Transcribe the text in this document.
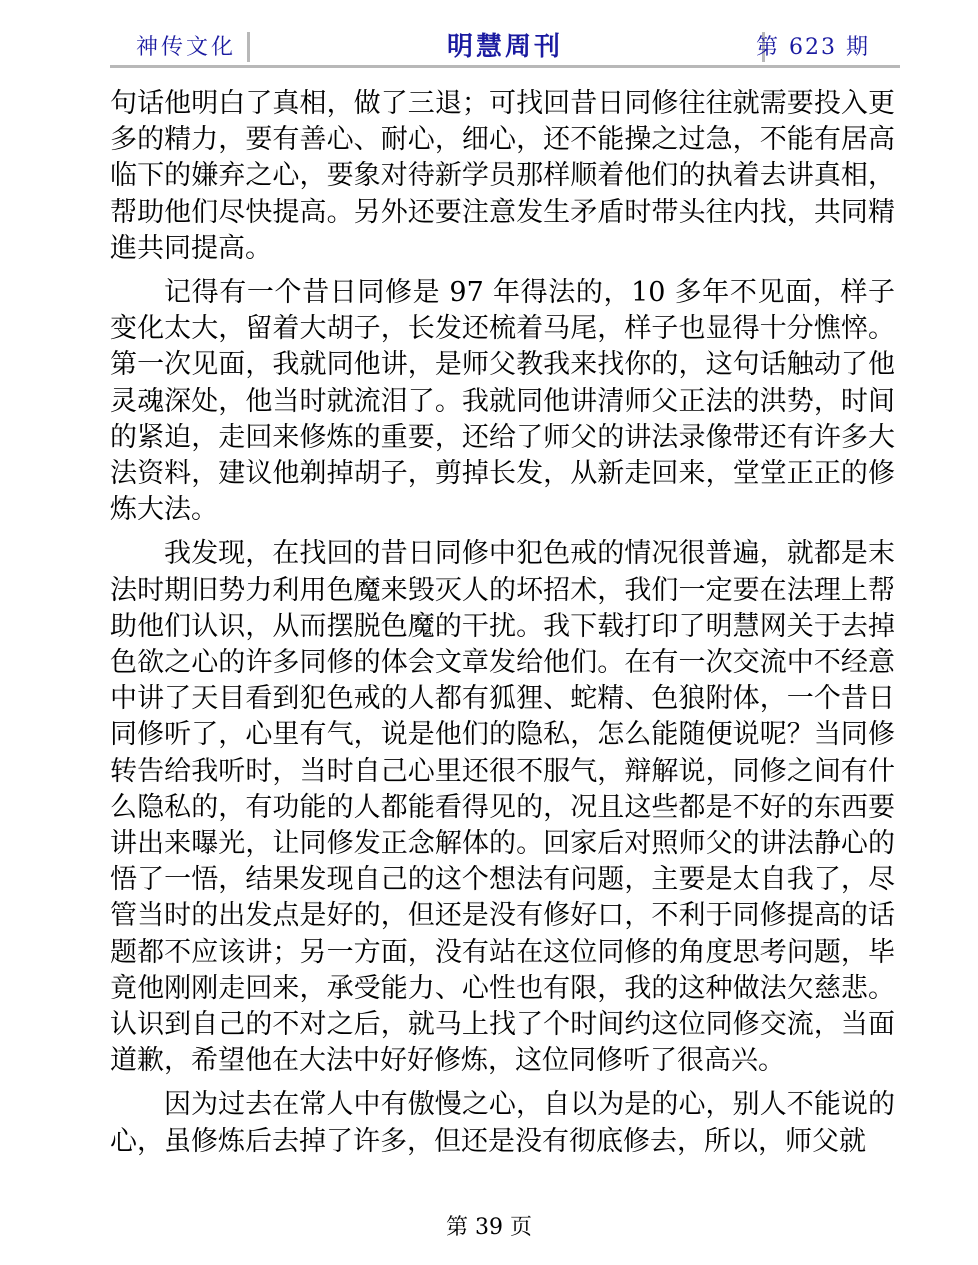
神传文化	明慧周刊	第 623 期

句话他明白了真相，做了三退；可找回昔日同修往往就需要投入更多的精力，要有善心、耐心，细心，还不能操之过急，不能有居高临下的嫌弃之心，要象对待新学员那样顺着他们的执着去讲真相，帮助他们尽快提高。另外还要注意发生矛盾时带头往内找，共同精進共同提高。

记得有一个昔日同修是 97 年得法的，10 多年不见面，样子变化太大，留着大胡子，长发还梳着马尾，样子也显得十分憔悴。第一次见面，我就同他讲，是师父教我来找你的，这句话触动了他灵魂深处，他当时就流泪了。我就同他讲清师父正法的洪势，时间的紧迫，走回来修炼的重要，还给了师父的讲法录像带还有许多大法资料，建议他剃掉胡子，剪掉长发，从新走回来，堂堂正正的修炼大法。

我发现，在找回的昔日同修中犯色戒的情况很普遍，就都是末法时期旧势力利用色魔来毁灭人的坏招术，我们一定要在法理上帮助他们认识，从而摆脱色魔的干扰。我下载打印了明慧网关于去掉色欲之心的许多同修的体会文章发给他们。在有一次交流中不经意中讲了天目看到犯色戒的人都有狐狸、蛇精、色狼附体，一个昔日同修听了，心里有气，说是他们的隐私，怎么能随便说呢？当同修转告给我听时，当时自己心里还很不服气，辩解说，同修之间有什么隐私的，有功能的人都能看得见的，况且这些都是不好的东西要讲出来曝光，让同修发正念解体的。回家后对照师父的讲法静心的悟了一悟，结果发现自己的这个想法有问题，主要是太自我了，尽管当时的出发点是好的，但还是没有修好口，不利于同修提高的话题都不应该讲；另一方面，没有站在这位同修的角度思考问题，毕竟他刚刚走回来，承受能力、心性也有限，我的这种做法欠慈悲。认识到自己的不对之后，就马上找了个时间约这位同修交流，当面道歉，希望他在大法中好好修炼，这位同修听了很高兴。

因为过去在常人中有傲慢之心，自以为是的心，别人不能说的心，虽修炼后去掉了许多，但还是没有彻底修去，所以，师父就

第 39 页
